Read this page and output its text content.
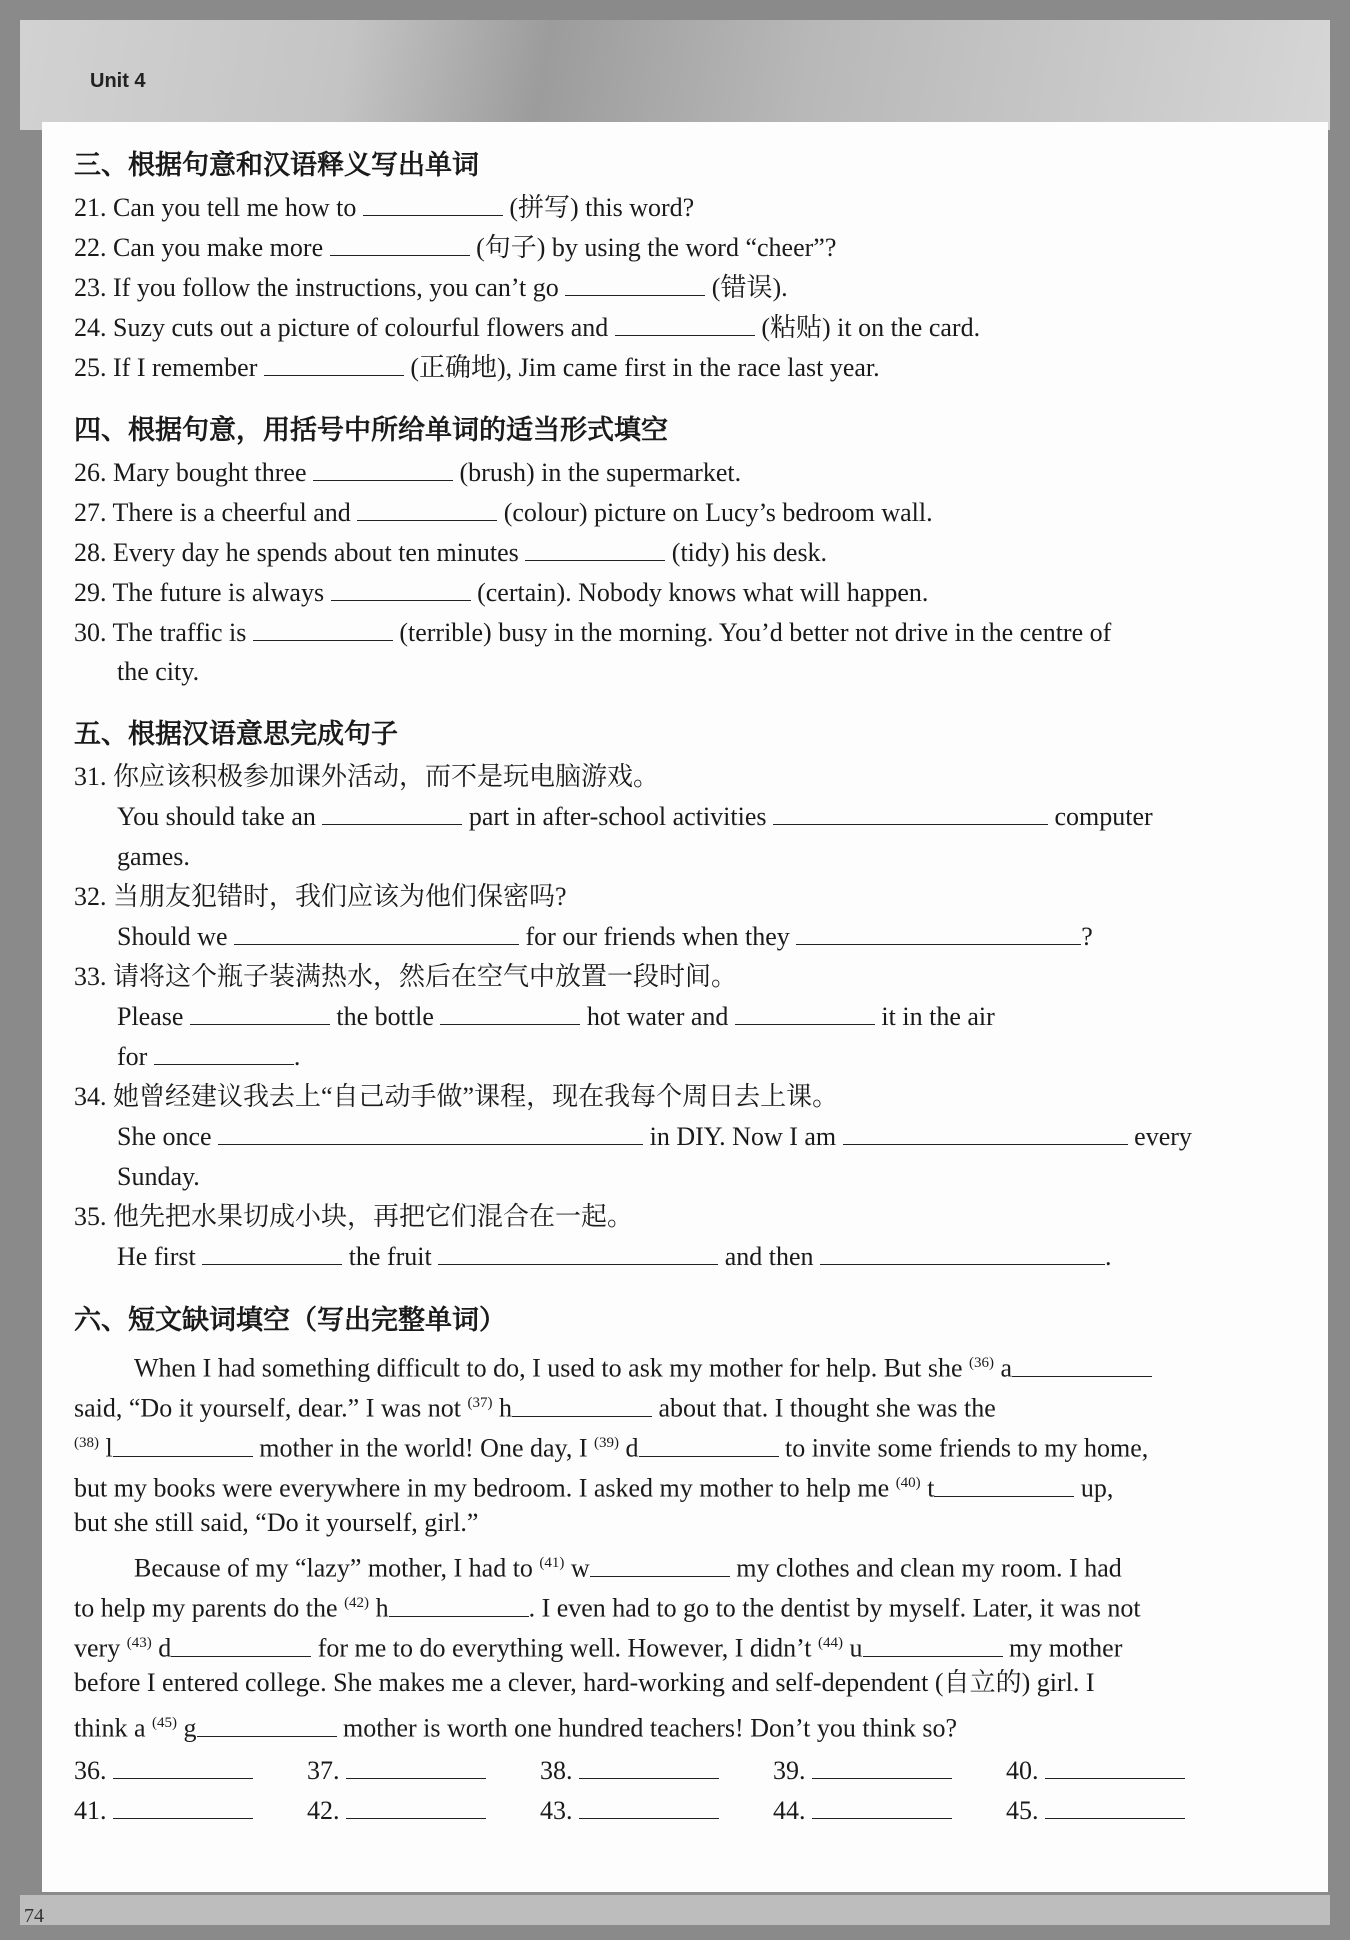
Unit 4
74
三、根据句意和汉语释义写出单词
21. Can you tell me how to	(拼写) this word?
22. Can you make more	(句子) by using the word “cheer”?
23. If you follow the instructions, you can’t go	(错误).
24. Suzy cuts out a picture of colourful flowers and	(粘贴) it on the card.
25. If I remember	(正确地), Jim came first in the race last year.
四、根据句意，用括号中所给单词的适当形式填空
26. Mary bought three	(brush) in the supermarket.
27. There is a cheerful and	(colour) picture on Lucy’s bedroom wall.
28. Every day he spends about ten minutes	(tidy) his desk.
29. The future is always	(certain). Nobody knows what will happen.
30. The traffic is	(terrible) busy in the morning. You’d better not drive in the centre of
the city.
五、根据汉语意思完成句子
31. 你应该积极参加课外活动，而不是玩电脑游戏。
You should take an	part in after-school activities	computer
games.
32. 当朋友犯错时，我们应该为他们保密吗?
Should we	for our friends when they	?
33. 请将这个瓶子装满热水，然后在空气中放置一段时间。
Please	the bottle	hot water and	it in the air
for	.
34. 她曾经建议我去上“自己动手做”课程，现在我每个周日去上课。
She once	in DIY. Now I am	every
Sunday.
35. 他先把水果切成小块，再把它们混合在一起。
He first	the fruit	and then	.
六、短文缺词填空（写出完整单词）
When I had something difficult to do, I used to ask my mother for help. But she $^{(36)}$ a
said, “Do it yourself, dear.” I was not $^{(37)}$ h	about that. I thought she was the
$^{(38)}$ l	mother in the world! One day, I $^{(39)}$ d	to invite some friends to my home,
but my books were everywhere in my bedroom. I asked my mother to help me $^{(40)}$ t	up,
but she still said, “Do it yourself, girl.”
Because of my “lazy” mother, I had to $^{(41)}$ w	my clothes and clean my room. I had
to help my parents do the $^{(42)}$ h	. I even had to go to the dentist by myself. Later, it was not
very $^{(43)}$ d	for me to do everything well. However, I didn’t $^{(44)}$ u	my mother
before I entered college. She makes me a clever, hard-working and self-dependent (自立的) girl. I
think a $^{(45)}$ g	mother is worth one hundred teachers! Don’t you think so?
36.	37.	38.	39.	40.
41.	42.	43.	44.	45.
